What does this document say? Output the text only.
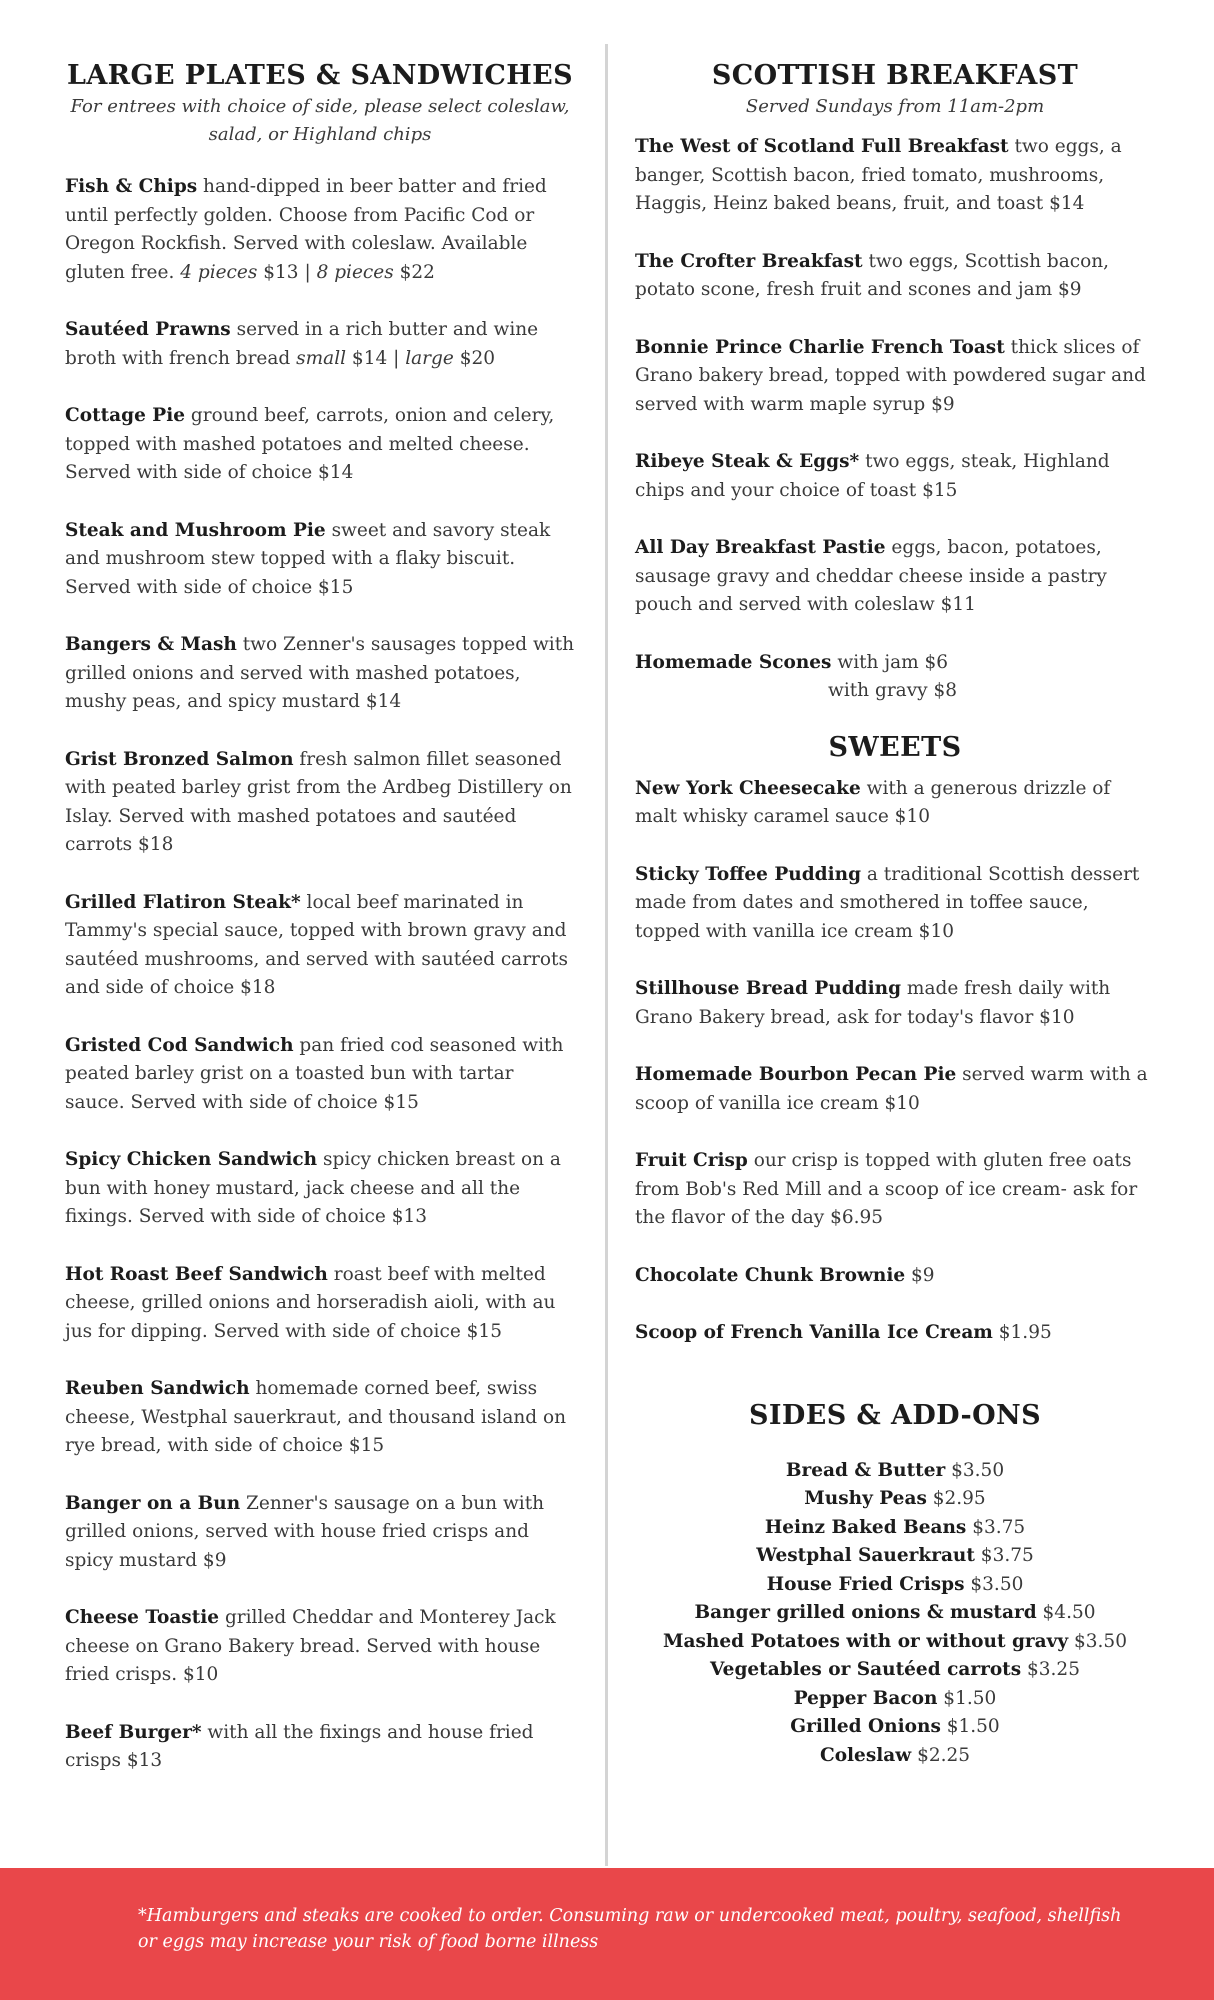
LARGE PLATES & SANDWICHES
For entrees with choice of side, please select coleslaw, salad, or Highland chips
Fish & Chips hand-dipped in beer batter and fried until perfectly golden. Choose from Pacific Cod or Oregon Rockfish. Served with coleslaw. Available gluten free. 4 pieces $13 | 8 pieces $22
Sautéed Prawns served in a rich butter and wine broth with french bread small $14 | large $20
Cottage Pie ground beef, carrots, onion and celery, topped with mashed potatoes and melted cheese. Served with side of choice $14
Steak and Mushroom Pie sweet and savory steak and mushroom stew topped with a flaky biscuit. Served with side of choice $15
Bangers & Mash two Zenner's sausages topped with grilled onions and served with mashed potatoes, mushy peas, and spicy mustard $14
Grist Bronzed Salmon fresh salmon fillet seasoned with peated barley grist from the Ardbeg Distillery on Islay. Served with mashed potatoes and sautéed carrots $18
Grilled Flatiron Steak* local beef marinated in Tammy's special sauce, topped with brown gravy and sautéed mushrooms, and served with sautéed carrots and side of choice $18
Gristed Cod Sandwich pan fried cod seasoned with peated barley grist on a toasted bun with tartar sauce. Served with side of choice $15
Spicy Chicken Sandwich spicy chicken breast on a bun with honey mustard, jack cheese and all the fixings. Served with side of choice $13
Hot Roast Beef Sandwich roast beef with melted cheese, grilled onions and horseradish aioli, with au jus for dipping. Served with side of choice $15
Reuben Sandwich homemade corned beef, swiss cheese, Westphal sauerkraut, and thousand island on rye bread, with side of choice $15
Banger on a Bun Zenner's sausage on a bun with grilled onions, served with house fried crisps and spicy mustard $9
Cheese Toastie grilled Cheddar and Monterey Jack cheese on Grano Bakery bread. Served with house fried crisps. $10
Beef Burger* with all the fixings and house fried crisps $13
SCOTTISH BREAKFAST
Served Sundays from 11am-2pm
The West of Scotland Full Breakfast two eggs, a banger, Scottish bacon, fried tomato, mushrooms, Haggis, Heinz baked beans, fruit, and toast $14
The Crofter Breakfast two eggs, Scottish bacon, potato scone, fresh fruit and scones and jam $9
Bonnie Prince Charlie French Toast thick slices of Grano bakery bread, topped with powdered sugar and served with warm maple syrup $9
Ribeye Steak & Eggs* two eggs, steak, Highland chips and your choice of toast $15
All Day Breakfast Pastie eggs, bacon, potatoes, sausage gravy and cheddar cheese inside a pastry pouch and served with coleslaw $11
Homemade Scones with jam $6
with gravy $8
SWEETS
New York Cheesecake with a generous drizzle of malt whisky caramel sauce $10
Sticky Toffee Pudding a traditional Scottish dessert made from dates and smothered in toffee sauce, topped with vanilla ice cream $10
Stillhouse Bread Pudding made fresh daily with Grano Bakery bread, ask for today's flavor $10
Homemade Bourbon Pecan Pie served warm with a scoop of vanilla ice cream $10
Fruit Crisp our crisp is topped with gluten free oats from Bob's Red Mill and a scoop of ice cream- ask for the flavor of the day $6.95
Chocolate Chunk Brownie $9
Scoop of French Vanilla Ice Cream $1.95
SIDES & ADD-ONS
Bread & Butter $3.50
Mushy Peas $2.95
Heinz Baked Beans $3.75
Westphal Sauerkraut $3.75
House Fried Crisps $3.50
Banger grilled onions & mustard $4.50
Mashed Potatoes with or without gravy $3.50
Vegetables or Sautéed carrots $3.25
Pepper Bacon $1.50
Grilled Onions $1.50
Coleslaw $2.25
*Hamburgers and steaks are cooked to order. Consuming raw or undercooked meat, poultry, seafood, shellfish or eggs may increase your risk of food borne illness
